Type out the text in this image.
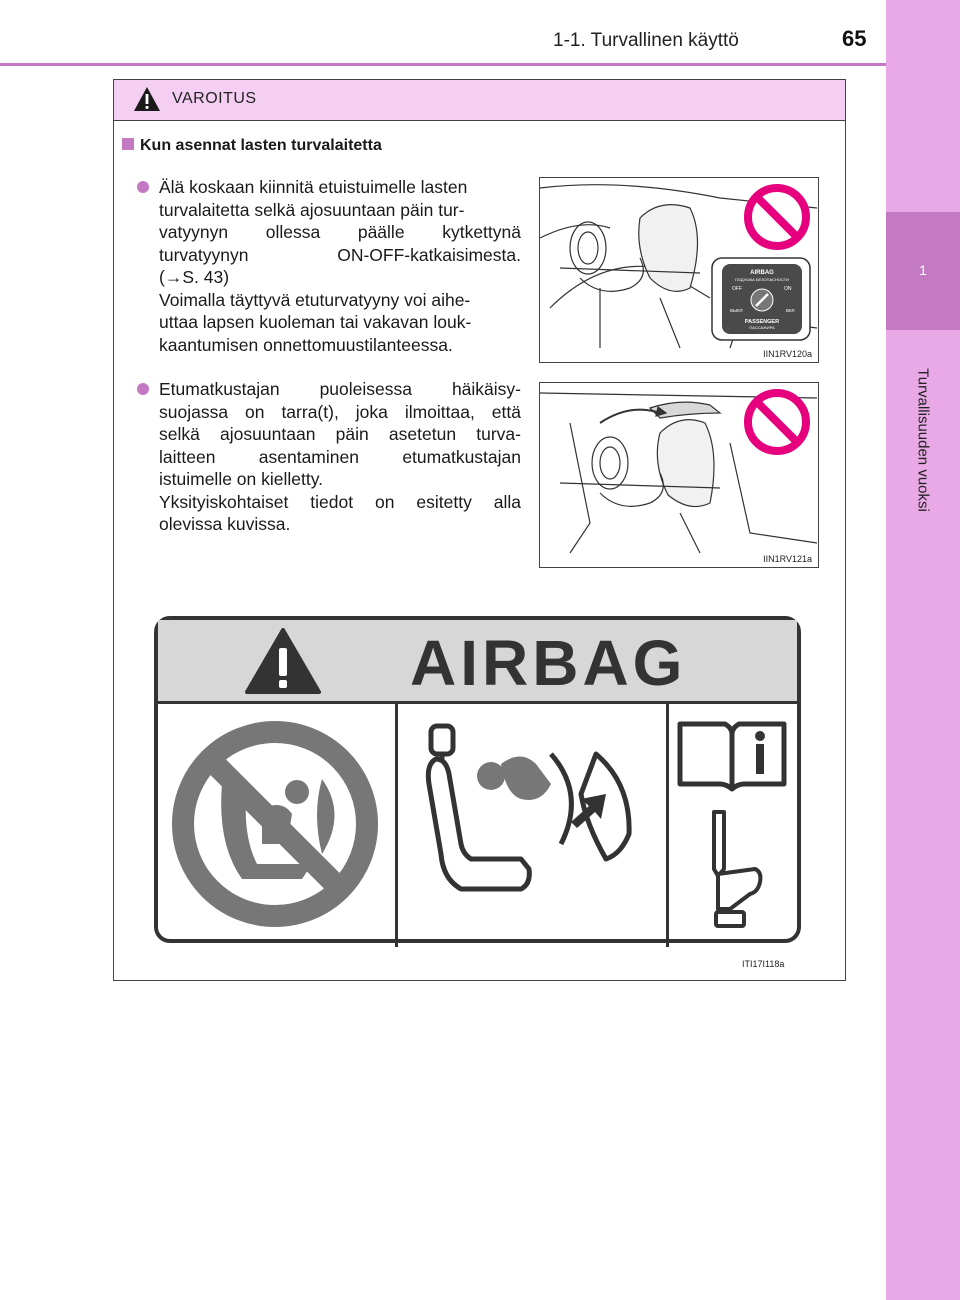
1
Turvallisuuden vuoksi
1-1. Turvallinen käyttö	65
VAROITUS
Kun asennat lasten turvalaitetta
Älä koskaan kiinnitä etuistuimelle lasten
turvalaitetta selkä ajosuuntaan päin tur-
vatyynyn ollessa päälle kytkettynä
turvatyynyn ON-OFF-katkaisimesta.
(→S. 43)
Voimalla täyttyvä etuturvatyyny voi aihe-
uttaa lapsen kuoleman tai vakavan louk-
kaantumisen onnettomuustilanteessa.
Etumatkustajan puoleisessa häikäisy-
suojassa on tarra(t), joka ilmoittaa, että
selkä ajosuuntaan päin asetetun turva-
laitteen asentaminen etumatkustajan
istuimelle on kielletty.
Yksityiskohtaiset tiedot on esitetty alla
olevissa kuvissa.
AIRBAG
ПОДУШКА БЕЗОПАСНОСТИ
OFF	ON
ВЫКЛ	ВКЛ
PASSENGER
ПАССАЖИРА
IIN1RV120a
IIN1RV121a
AIRBAG
ITI17I118a
